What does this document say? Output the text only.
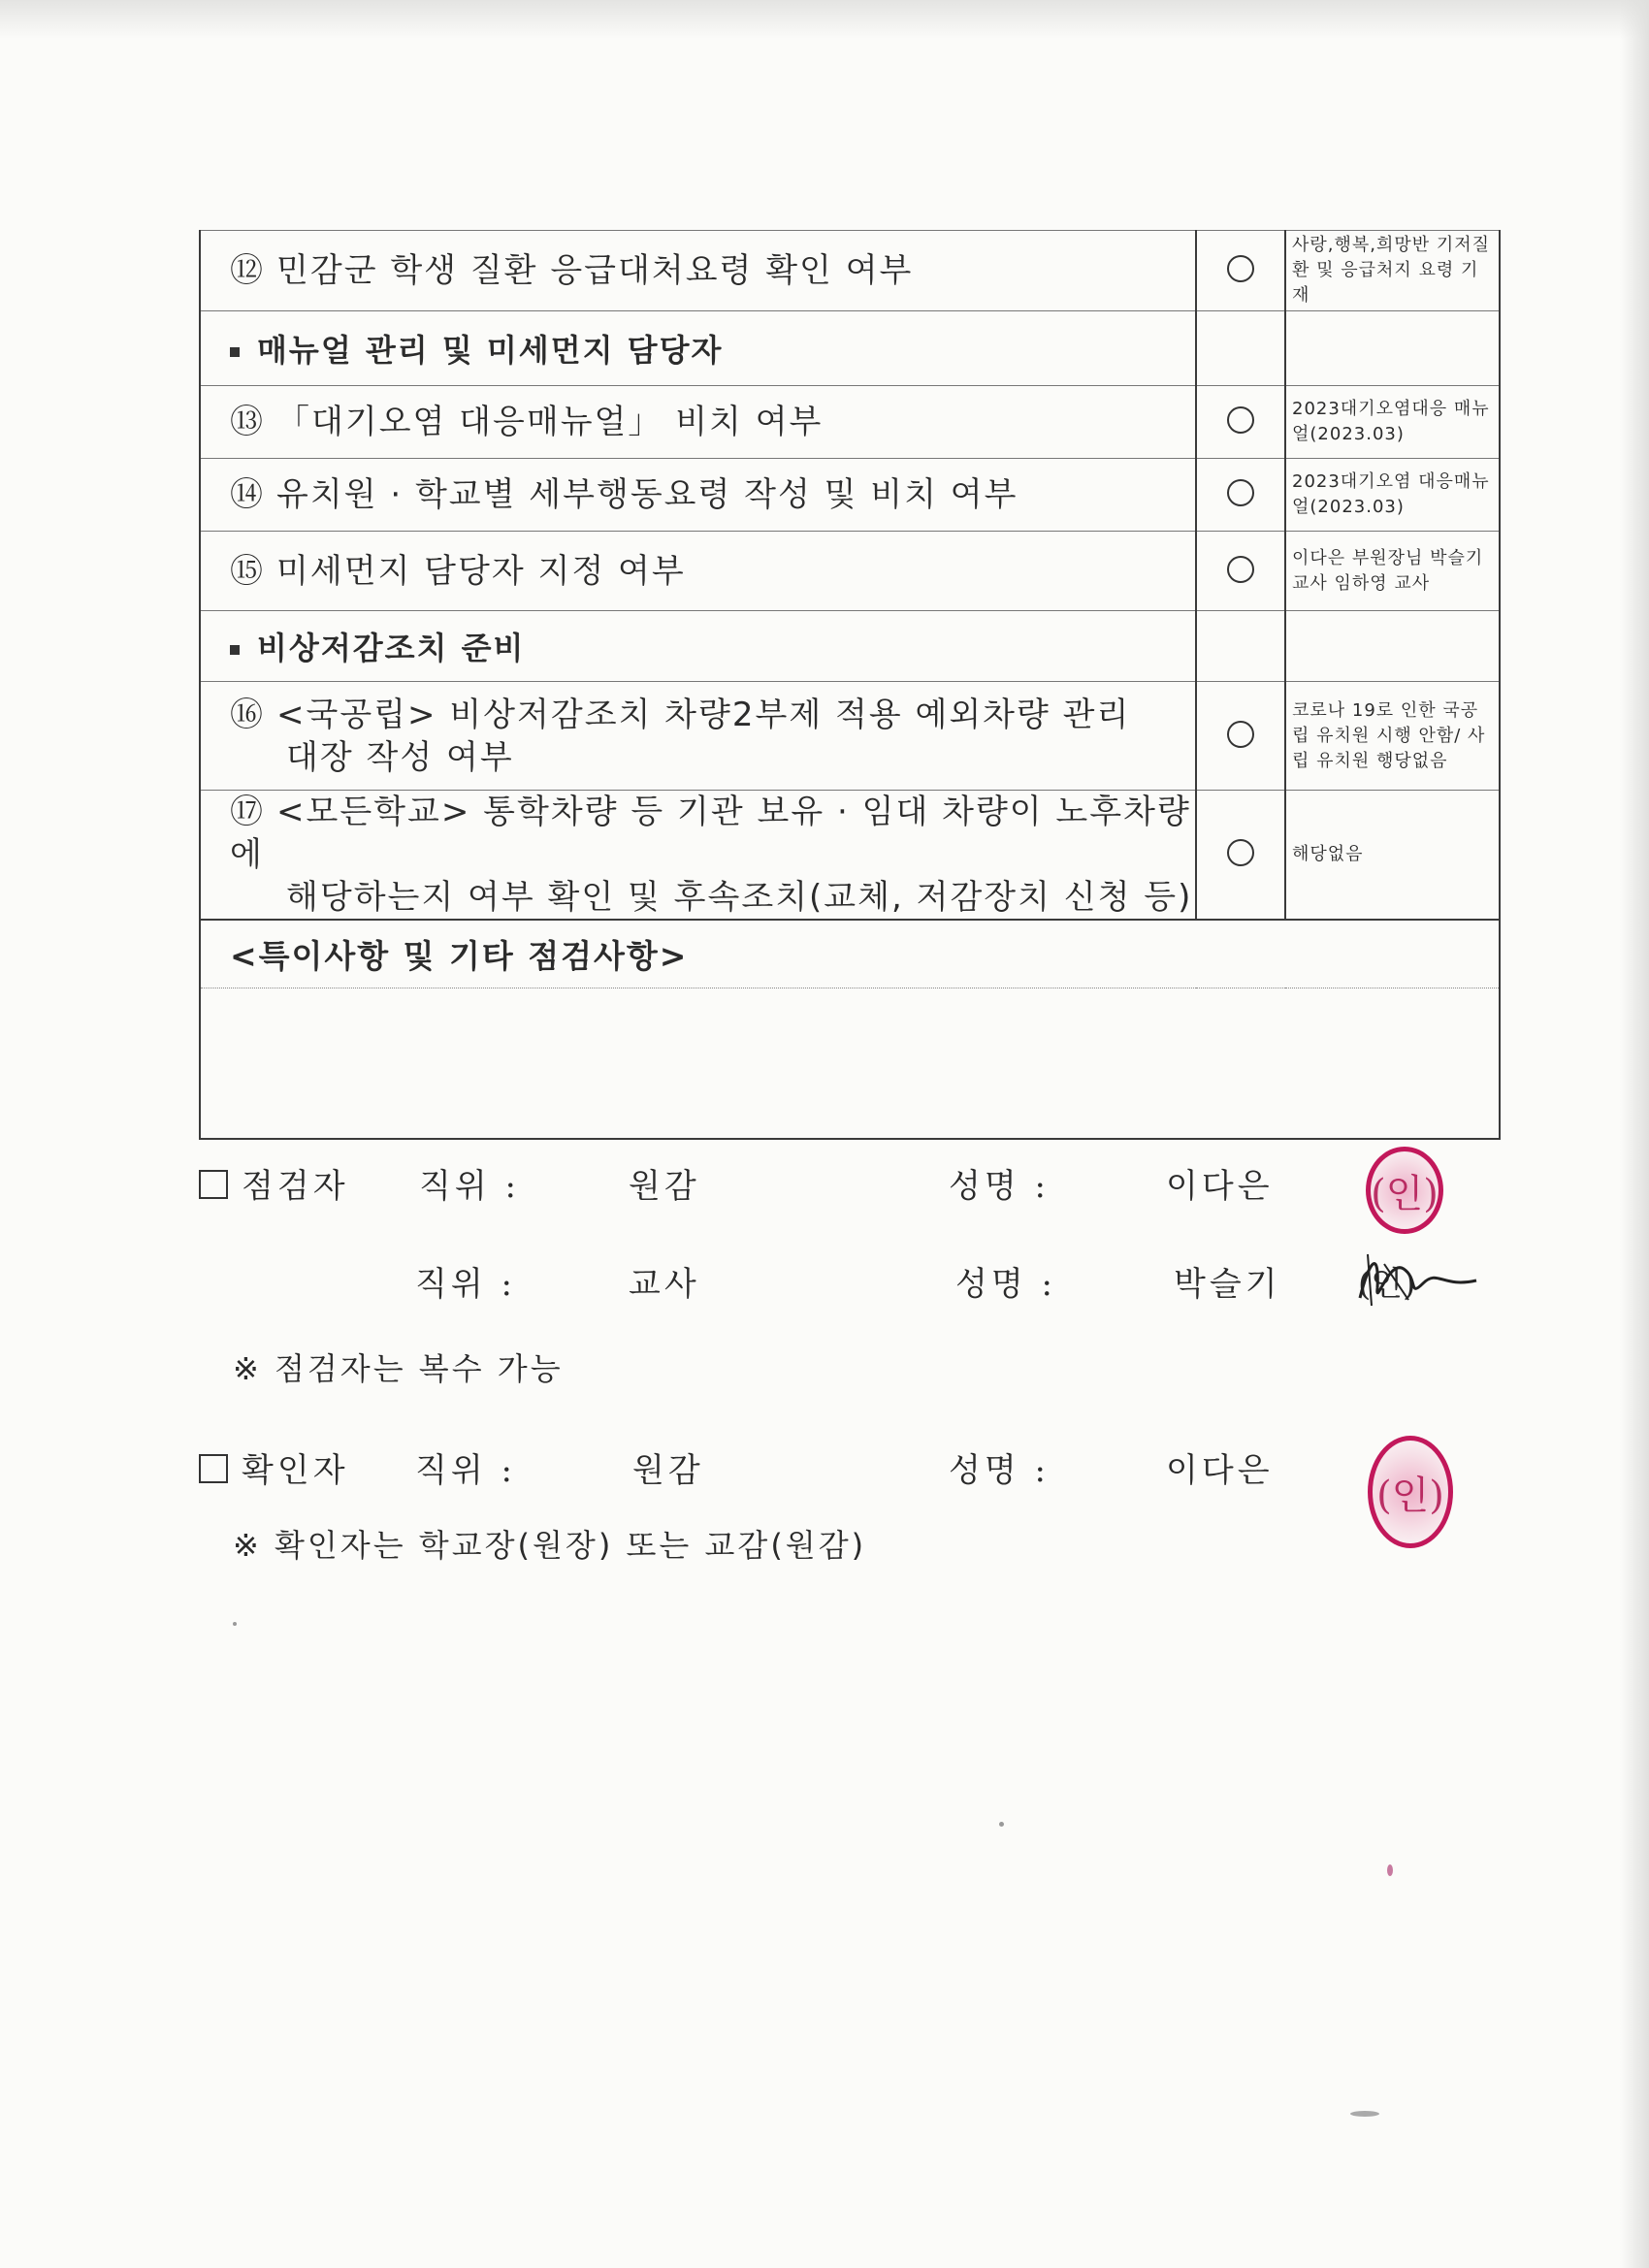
⑫ 민감군 학생 질환 응급대처요령 확인 여부		사랑,행복,희망반 기저질환 및 응급처지 요령 기재
매뉴얼 관리 및 미세먼지 담당자		
⑬ 「대기오염 대응매뉴얼」 비치 여부		2023대기오염대응 매뉴얼(2023.03)
⑭ 유치원 · 학교별 세부행동요령 작성 및 비치 여부		2023대기오염 대응매뉴얼(2023.03)
⑮ 미세먼지 담당자 지정 여부		이다은 부원장님 박슬기 교사 임하영 교사
비상저감조치 준비		
⑯ <국공립> 비상저감조치 차량2부제 적용 예외차량 관리
대장 작성 여부		코로나 19로 인한 국공립 유치원 시행 안함/ 사립 유치원 행당없음
⑰ <모든학교> 통학차량 등 기관 보유 · 임대 차량이 노후차량에
해당하는지 여부 확인 및 후속조치(교체, 저감장치 신청 등)		해당없음
<특이사항 및 기타 점검사항>		

점검자 직위 :	원감	성명 :	이다은	(인)
직위 :	교사	성명 :	박슬기 (인)
※ 점검자는 복수 가능
확인자 직위 :	원감	성명 :	이다은
(인)
※ 확인자는 학교장(원장) 또는 교감(원감)
